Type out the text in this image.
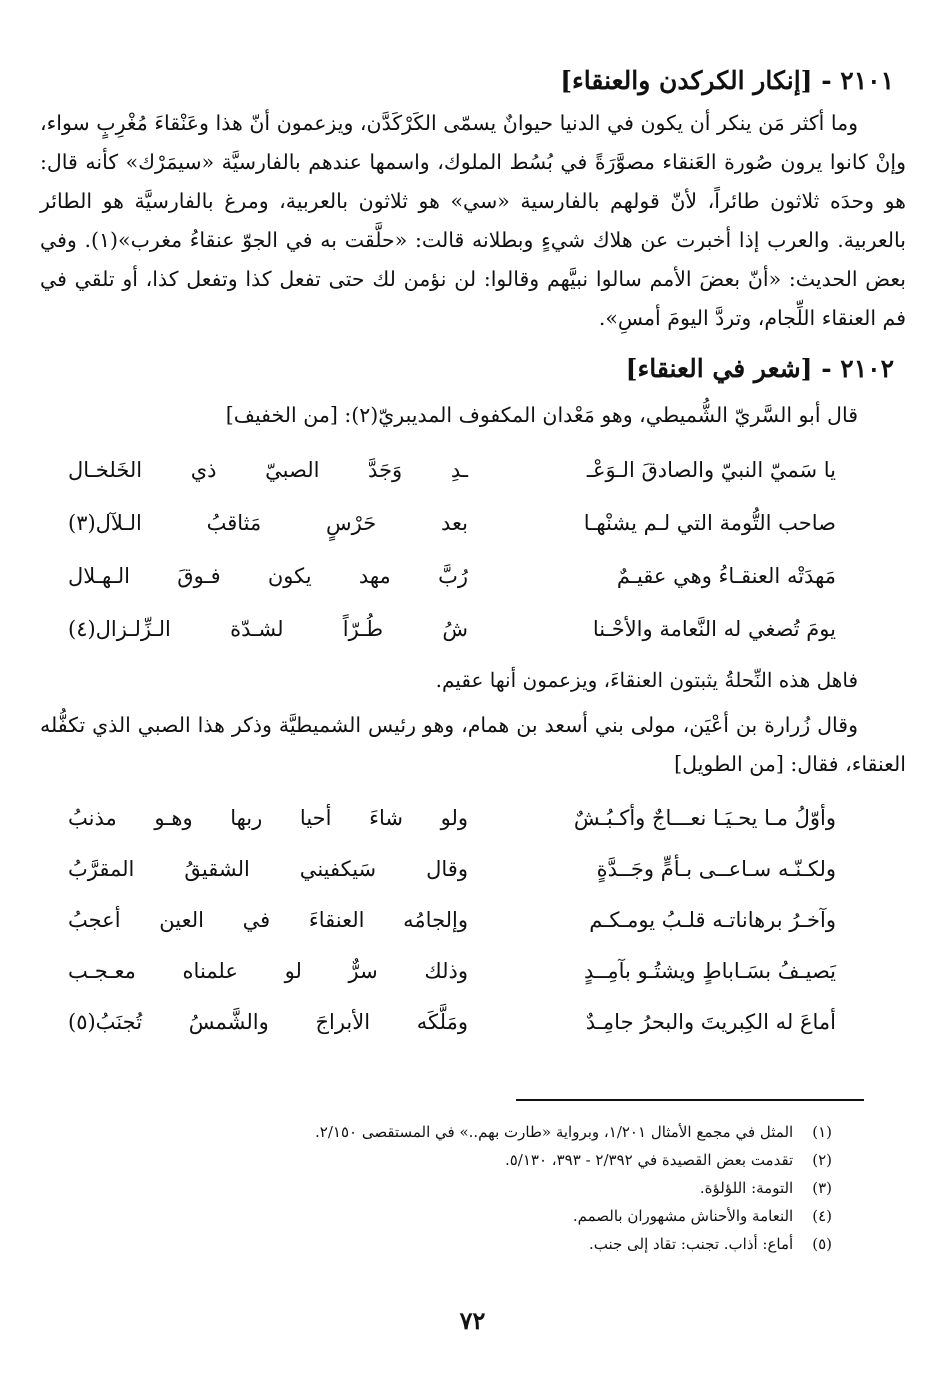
٢١٠١ - [إنكار الكركدن والعنقاء]

وما أكثر مَن ينكر أن يكون في الدنيا حيوانٌ يسمّى الكَرْكَدَّن، ويزعمون أنّ هذا وعَنْقاءَ مُغْرِبٍ سواء، وإنْ كانوا يرون صُورة العَنقاء مصوَّرَةً في بُسُط الملوك، واسمها عندهم بالفارسيَّة «سيمَرْك» كأنه قال: هو وحدَه ثلاثون طائراً، لأنّ قولهم بالفارسية «سي» هو ثلاثون بالعربية، ومرغ بالفارسيَّة هو الطائر بالعربية. والعرب إذا أخبرت عن هلاك شيءٍ وبطلانه قالت: «حلَّقت به في الجوّ عنقاءُ مغرب»(١). وفي بعض الحديث: «أنّ بعضَ الأمم سالوا نبيَّهم وقالوا: لن نؤمن لك حتى تفعل كذا وتفعل كذا، أو تلقي في فم العنقاء اللِّجام، وتردَّ اليومَ أمسِ».

٢١٠٢ - [شعر في العنقاء]

قال أبو السَّريّ الشُّميطي، وهو مَعْدان المكفوف المديبريّ(٢): [من الخفيف]

يا سَميّ النبيّ والصادقَ الـوَعْـ
ـدِ وَجَدَّ الصبيّ ذي الخَلخـال
صاحب التُّومة التي لـم يشنْهـا
بعد حَرْسٍ مَثاقبُ الـلآل(٣)
مَهدَتْه العنقـاءُ وهي عقيـمٌ
رُبَّ مهد يكون فـوقَ الـهـلال
يومَ تُصغي له النَّعامة والأحْـنا
شُ طُـرّاً لشـدّة الـزِّلـزال(٤)

فاهل هذه النِّحلةُ يثبتون العنقاءَ، ويزعمون أنها عقيم.

وقال زُرارة بن أعْيَن، مولى بني أسعد بن همام، وهو رئيس الشميطيَّة وذكر هذا الصبي الذي تكفُّله العنقاء، فقال: [من الطويل]

وأوّلُ مـا يحـيَـا نعـــاجٌ وأكـبُـشٌ
ولو شاءَ أحيا ربها وهـو مذنبُ
ولكـنّـه سـاعــى بـأمٍّ وجَــدَّةٍ
وقال سَيكفيني الشقيقُ المقرَّبُ
وآخـرُ برهاناتـه قلـبُ يومـكـم
وإلجامُه العنقاءَ في العين أعجبُ
يَصيـفُ بسَـاباطٍ ويشتُـو بآمِــدٍ
وذلك سرٌّ لو علمناه معـجـب
أماعَ له الكِبريتَ والبحرُ جامِـدٌ
ومَلَّكَه الأبراجَ والشَّمسُ تُجنَبُ(٥)
(١) المثل في مجمع الأمثال ١/٢٠١، وبرواية «طارت بهم..» في المستقصى ٢/١٥٠.
(٢) تقدمت بعض القصيدة في ٢/٣٩٢ - ٣٩٣، ٥/١٣٠.
(٣) التومة: اللؤلؤة.
(٤) النعامة والأحناش مشهوران بالصمم.
(٥) أماع: أذاب. تجنب: تقاد إلى جنب.
٧٢
